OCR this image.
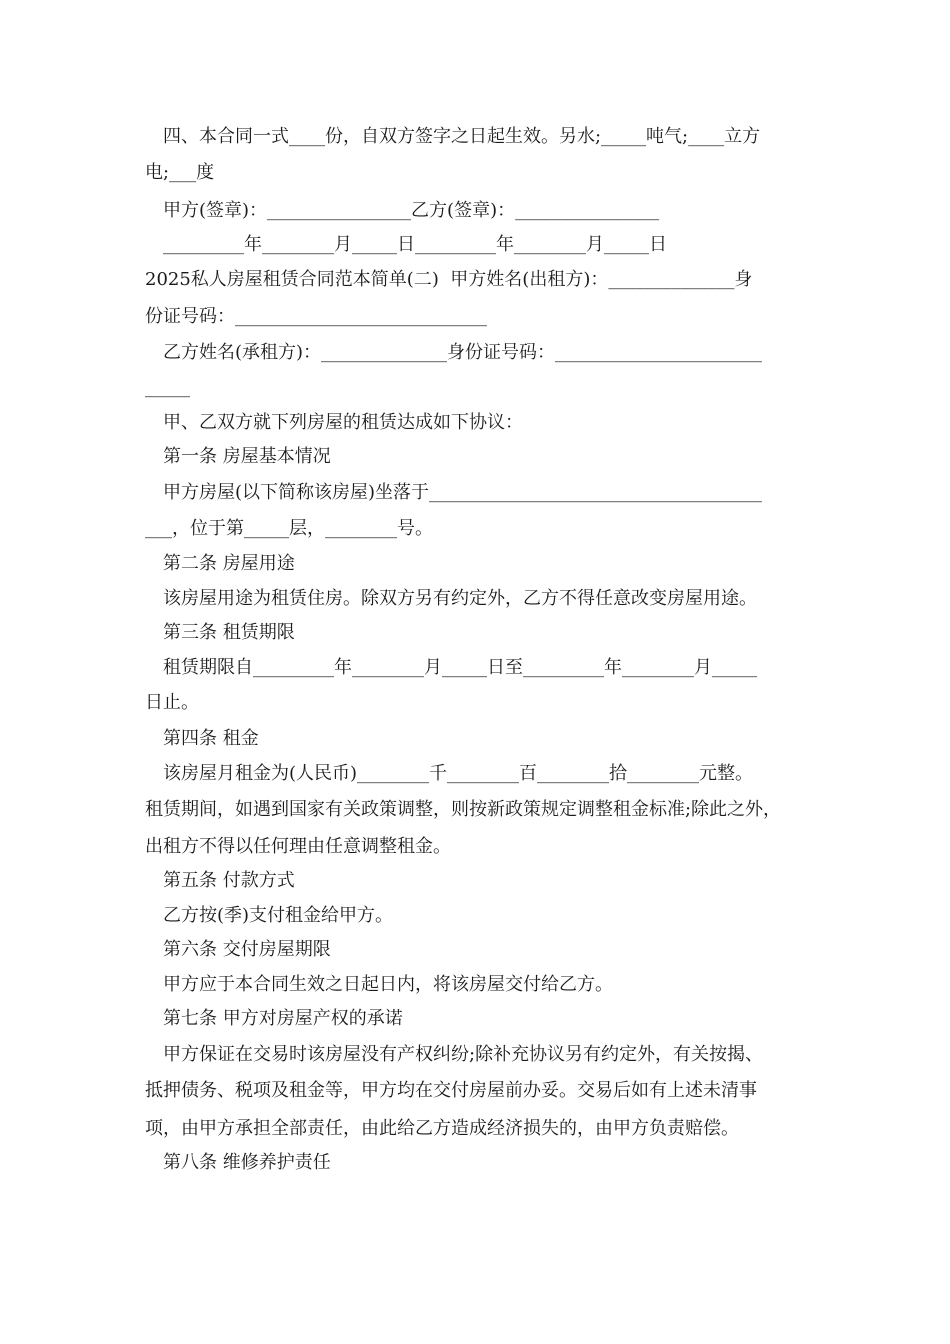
四、本合同一式____份，自双方签字之日起生效。另水;_____吨气;____立方
电;___度
甲方(签章)：________________乙方(签章)：________________
_________年________月_____日_________年________月_____日
2025私人房屋租赁合同范本简单(二)  甲方姓名(出租方)：______________身
份证号码：____________________________
乙方姓名(承租方)：______________身份证号码：_______________________
_____
甲、乙双方就下列房屋的租赁达成如下协议：
第一条 房屋基本情况
甲方房屋(以下简称该房屋)坐落于_____________________________________
___，位于第_____层，________号。
第二条 房屋用途
该房屋用途为租赁住房。除双方另有约定外，乙方不得任意改变房屋用途。
第三条 租赁期限
租赁期限自_________年________月_____日至_________年________月_____
日止。
第四条 租金
该房屋月租金为(人民币)________千________百________拾________元整。
租赁期间，如遇到国家有关政策调整，则按新政策规定调整租金标准;除此之外，
出租方不得以任何理由任意调整租金。
第五条 付款方式
乙方按(季)支付租金给甲方。
第六条 交付房屋期限
甲方应于本合同生效之日起日内，将该房屋交付给乙方。
第七条 甲方对房屋产权的承诺
甲方保证在交易时该房屋没有产权纠纷;除补充协议另有约定外，有关按揭、
抵押债务、税项及租金等，甲方均在交付房屋前办妥。交易后如有上述未清事
项，由甲方承担全部责任，由此给乙方造成经济损失的，由甲方负责赔偿。
第八条 维修养护责任
